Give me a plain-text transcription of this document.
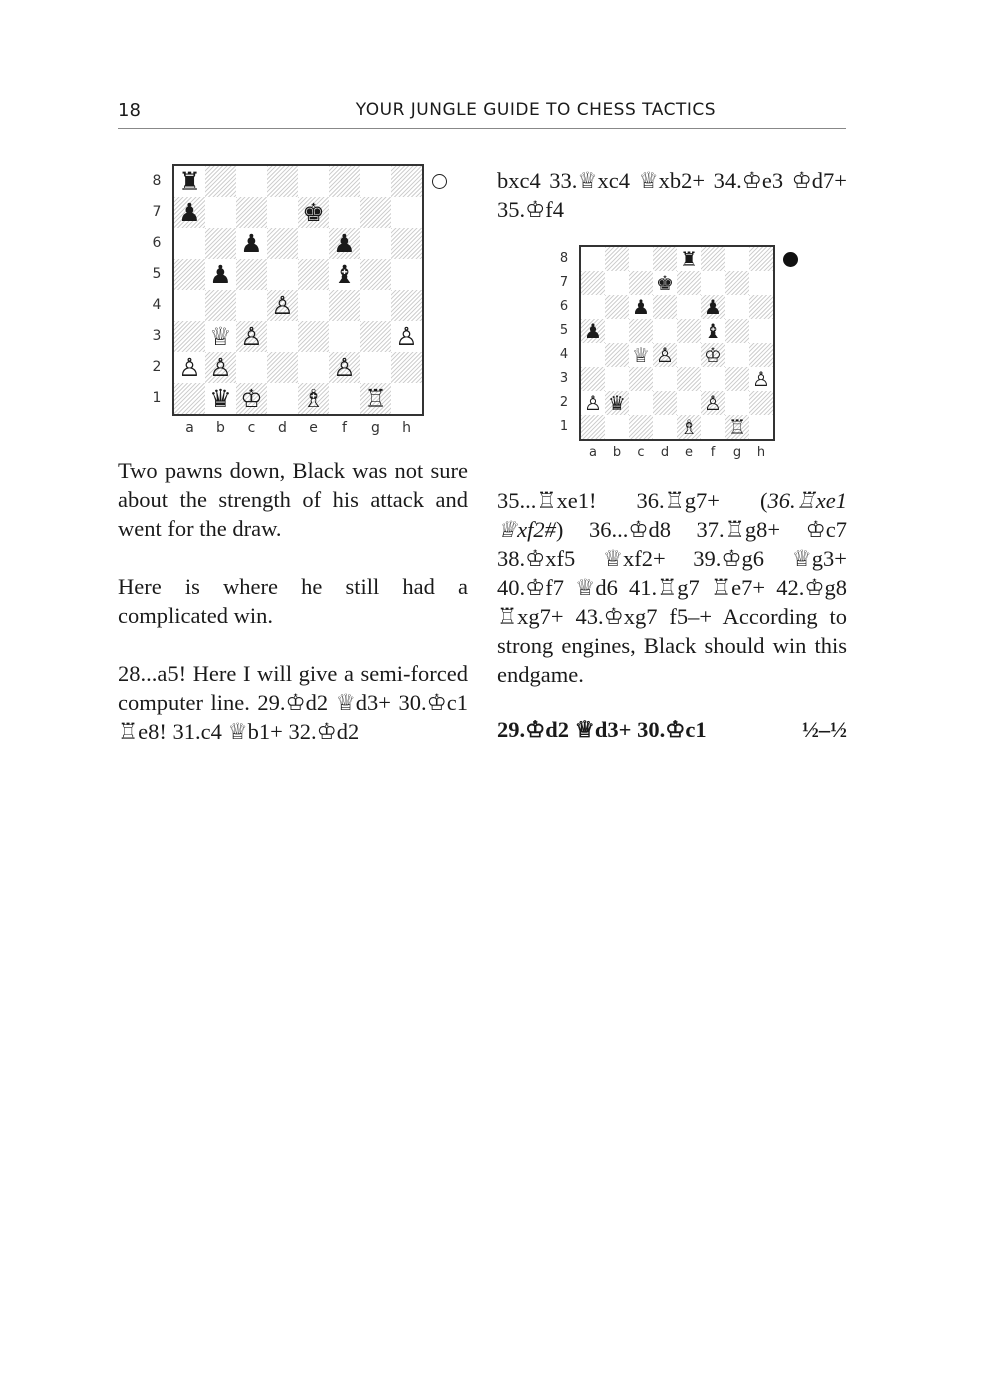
18	YOUR JUNGLE GUIDE TO CHESS TACTICS
♜
♟	♚
♟	♟
♟	♝
♙
♕ ♙	♙
♙ ♙	♙
♛ ♔ ♗ ♖
8
7
6
5
4
3
2
1
a	b	c	d	e	f	g	h
♜
♚
♟	♟
♟	♝
♕ ♙ ♔
♙
♙ ♛	♙
♗ ♖
8
7
6
5
4
3
2
1
a	b	c	d	e	f	g	h

Two pawns down, Black was not sure about the strength of his attack and went for the draw.

Here is where he still had a complicated win.

28...a5! Here I will give a semi-forced computer line. 29.♔d2 ♕d3+ 30.♔c1 ♖e8! 31.c4 ♕b1+ 32.♔d2

bxc4 33.♕xc4 ♕xb2+ 34.♔e3 ♔d7+ 35.♔f4

35...♖xe1! 36.♖g7+ (36.♖xe1 ♕xf2#) 36...♔d8 37.♖g8+ ♔c7 38.♔xf5 ♕xf2+ 39.♔g6 ♕g3+ 40.♔f7 ♕d6 41.♖g7 ♖e7+ 42.♔g8 ♖xg7+ 43.♔xg7 f5–+ According to strong engines, Black should win this endgame.

29.♔d2 ♕d3+ 30.♔c1	½–½
